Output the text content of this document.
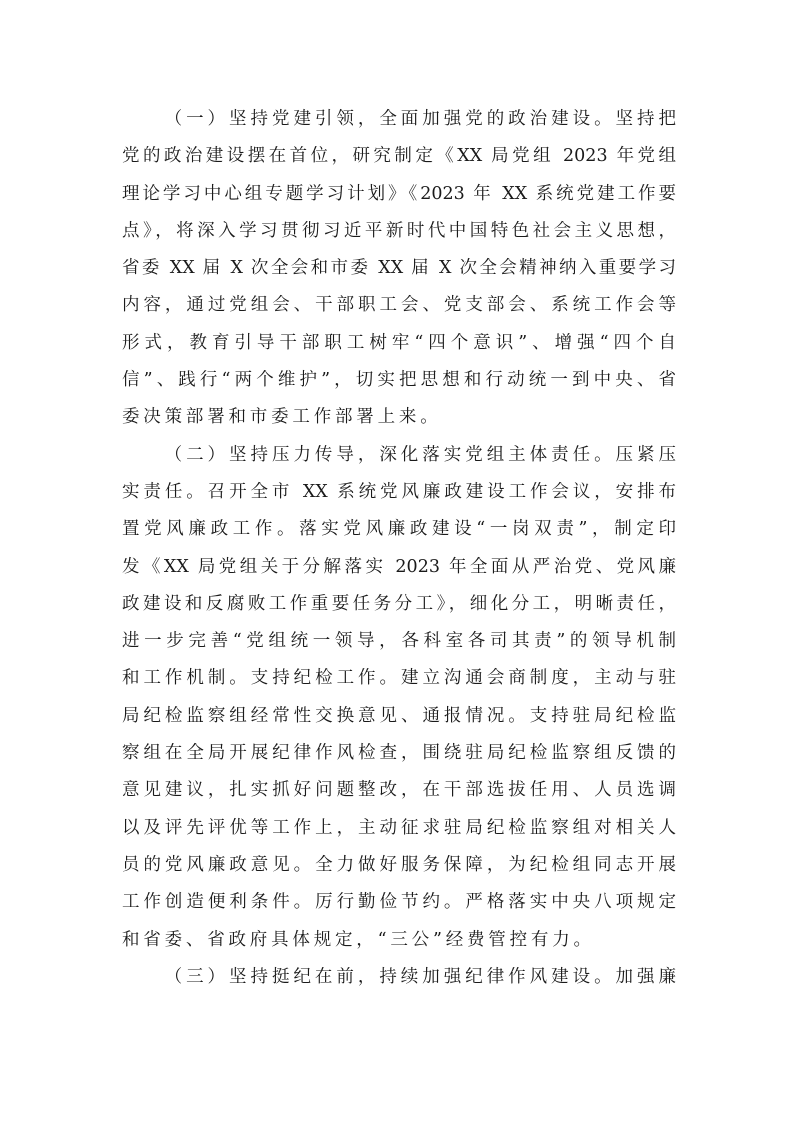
（一）坚持党建引领，全面加强党的政治建设。坚持把
党的政治建设摆在首位，研究制定《XX 局党组 2023 年党组
理论学习中心组专题学习计划》《2023 年 XX 系统党建工作要
点》，将深入学习贯彻习近平新时代中国特色社会主义思想，
省委 XX 届 X 次全会和市委 XX 届 X 次全会精神纳入重要学习
内容，通过党组会、干部职工会、党支部会、系统工作会等
形式，教育引导干部职工树牢“四个意识”、增强“四个自
信”、践行“两个维护”，切实把思想和行动统一到中央、省
委决策部署和市委工作部署上来。
（二）坚持压力传导，深化落实党组主体责任。压紧压
实责任。召开全市 XX 系统党风廉政建设工作会议，安排布
置党风廉政工作。落实党风廉政建设“一岗双责”，制定印
发《XX 局党组关于分解落实 2023 年全面从严治党、党风廉
政建设和反腐败工作重要任务分工》，细化分工，明晰责任，
进一步完善“党组统一领导，各科室各司其责”的领导机制
和工作机制。支持纪检工作。建立沟通会商制度，主动与驻
局纪检监察组经常性交换意见、通报情况。支持驻局纪检监
察组在全局开展纪律作风检查，围绕驻局纪检监察组反馈的
意见建议，扎实抓好问题整改，在干部选拔任用、人员选调
以及评先评优等工作上，主动征求驻局纪检监察组对相关人
员的党风廉政意见。全力做好服务保障，为纪检组同志开展
工作创造便利条件。厉行勤俭节约。严格落实中央八项规定
和省委、省政府具体规定，“三公”经费管控有力。
（三）坚持挺纪在前，持续加强纪律作风建设。加强廉
